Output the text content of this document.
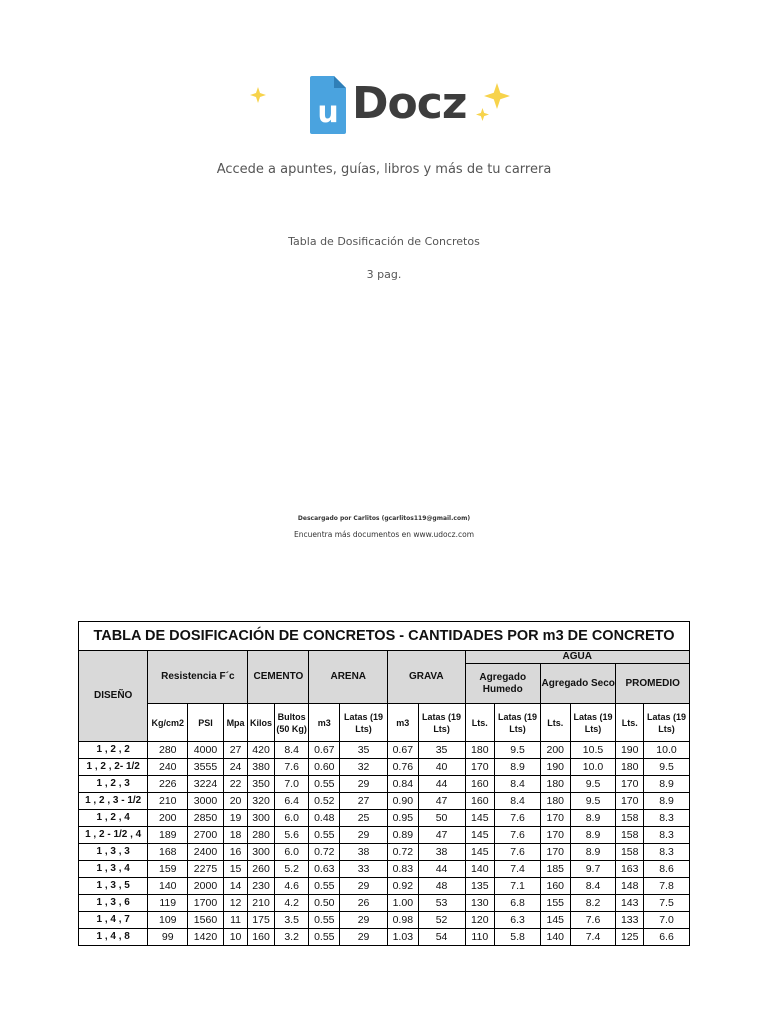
u Docz
Accede a apuntes, guías, libros y más de tu carrera
Tabla de Dosificación de Concretos
3 pag.
Descargado por Carlitos (gcarlitos119@gmail.com)
Encuentra más documentos en www.udocz.com
TABLA DE DOSIFICACIÓN DE CONCRETOS - CANTIDADES POR m3 DE CONCRETO															
DISEÑO	Resistencia F´c			CEMENTO		ARENA		GRAVA		AGUA					
										Agregado Humedo		Agregado Seco		PROMEDIO	
	Kg/cm2	PSI	Mpa	Kilos	Bultos (50 Kg)	m3	Latas (19 Lts)	m3	Latas (19 Lts)	Lts.	Latas (19 Lts)	Lts.	Latas (19 Lts)	Lts.	Latas (19 Lts)
1 , 2 , 2	280	4000	27	420	8.4	0.67	35	0.67	35	180	9.5	200	10.5	190	10.0
1 , 2 , 2- 1/2	240	3555	24	380	7.6	0.60	32	0.76	40	170	8.9	190	10.0	180	9.5
1 , 2 , 3	226	3224	22	350	7.0	0.55	29	0.84	44	160	8.4	180	9.5	170	8.9
1 , 2 , 3 - 1/2	210	3000	20	320	6.4	0.52	27	0.90	47	160	8.4	180	9.5	170	8.9
1 , 2 , 4	200	2850	19	300	6.0	0.48	25	0.95	50	145	7.6	170	8.9	158	8.3
1 , 2 - 1/2 , 4	189	2700	18	280	5.6	0.55	29	0.89	47	145	7.6	170	8.9	158	8.3
1 , 3 , 3	168	2400	16	300	6.0	0.72	38	0.72	38	145	7.6	170	8.9	158	8.3
1 , 3 , 4	159	2275	15	260	5.2	0.63	33	0.83	44	140	7.4	185	9.7	163	8.6
1 , 3 , 5	140	2000	14	230	4.6	0.55	29	0.92	48	135	7.1	160	8.4	148	7.8
1 , 3 , 6	119	1700	12	210	4.2	0.50	26	1.00	53	130	6.8	155	8.2	143	7.5
1 , 4 , 7	109	1560	11	175	3.5	0.55	29	0.98	52	120	6.3	145	7.6	133	7.0
1 , 4 , 8	99	1420	10	160	3.2	0.55	29	1.03	54	110	5.8	140	7.4	125	6.6
